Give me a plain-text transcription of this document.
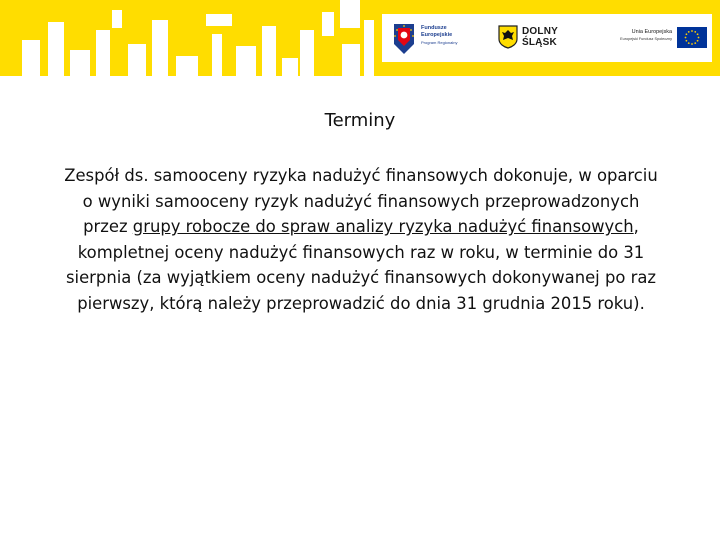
Fundusze
Europejskie
Program Regionalny
DOLNY
ŚLĄSK
Unia Europejska
Europejski Fundusz Społeczny
Terminy
Zespół ds. samooceny ryzyka nadużyć finansowych dokonuje, w oparciu o wyniki samooceny ryzyk nadużyć finansowych przeprowadzonych przez grupy robocze do spraw analizy ryzyka nadużyć finansowych, kompletnej oceny nadużyć finansowych raz w roku, w terminie do 31 sierpnia (za wyjątkiem oceny nadużyć finansowych dokonywanej po raz pierwszy, którą należy przeprowadzić do dnia 31 grudnia 2015 roku).
